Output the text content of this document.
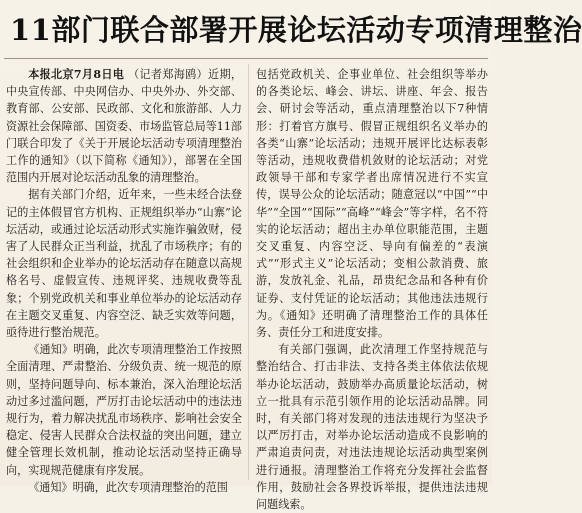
11部门联合部署开展论坛活动专项清理整治

本报北京7月8日电 （记者郑海鸥）近期，中央宣传部、中央网信办、中央外办、外交部、教育部、公安部、民政部、文化和旅游部、人力资源社会保障部、国资委、市场监管总局等11部门联合印发了《关于开展论坛活动专项清理整治工作的通知》（以下简称《通知》），部署在全国范围内开展对论坛活动乱象的清理整治。

据有关部门介绍，近年来，一些未经合法登记的主体假冒官方机构、正规组织举办“山寨”论坛活动，或通过论坛活动形式实施诈骗敛财，侵害了人民群众正当利益，扰乱了市场秩序；有的社会组织和企业举办的论坛活动存在随意以高规格名号、虚假宣传、违规评奖、违规收费等乱象；个别党政机关和事业单位举办的论坛活动存在主题交叉重复、内容空泛、缺乏实效等问题，亟待进行整治规范。

《通知》明确，此次专项清理整治工作按照全面清理、严肃整治、分级负责、统一规范的原则，坚持问题导向、标本兼治，深入治理论坛活动过多过滥问题，严厉打击论坛活动中的违法违规行为，着力解决扰乱市场秩序、影响社会安全稳定、侵害人民群众合法权益的突出问题，建立健全管理长效机制，推动论坛活动坚持正确导向，实现规范健康有序发展。

《通知》明确，此次专项清理整治的范围

包括党政机关、企事业单位、社会组织等举办的各类论坛、峰会、讲坛、讲座、年会、报告会、研讨会等活动，重点清理整治以下7种情形：打着官方旗号、假冒正规组织名义举办的各类“山寨”论坛活动；违规开展评比达标表彰等活动，违规收费借机敛财的论坛活动；对党政领导干部和专家学者出席情况进行不实宣传，误导公众的论坛活动；随意冠以“中国”“中华”“全国”“国际”“高峰”“峰会”等字样，名不符实的论坛活动；超出主办单位职能范围，主题交叉重复、内容空泛、导向有偏差的“表演式”“形式主义”论坛活动；变相公款消费、旅游，发放礼金、礼品，昂贵纪念品和各种有价证券、支付凭证的论坛活动；其他违法违规行为。《通知》还明确了清理整治工作的具体任务、责任分工和进度安排。

有关部门强调，此次清理工作坚持规范与整治结合、打击非法、支持各类主体依法依规举办论坛活动，鼓励举办高质量论坛活动，树立一批具有示范引领作用的论坛活动品牌。同时，有关部门将对发现的违法违规行为坚决予以严厉打击，对举办论坛活动造成不良影响的严肃追责问责，对违法违规论坛活动典型案例进行通报。清理整治工作将充分发挥社会监督作用，鼓励社会各界投诉举报，提供违法违规问题线索。
